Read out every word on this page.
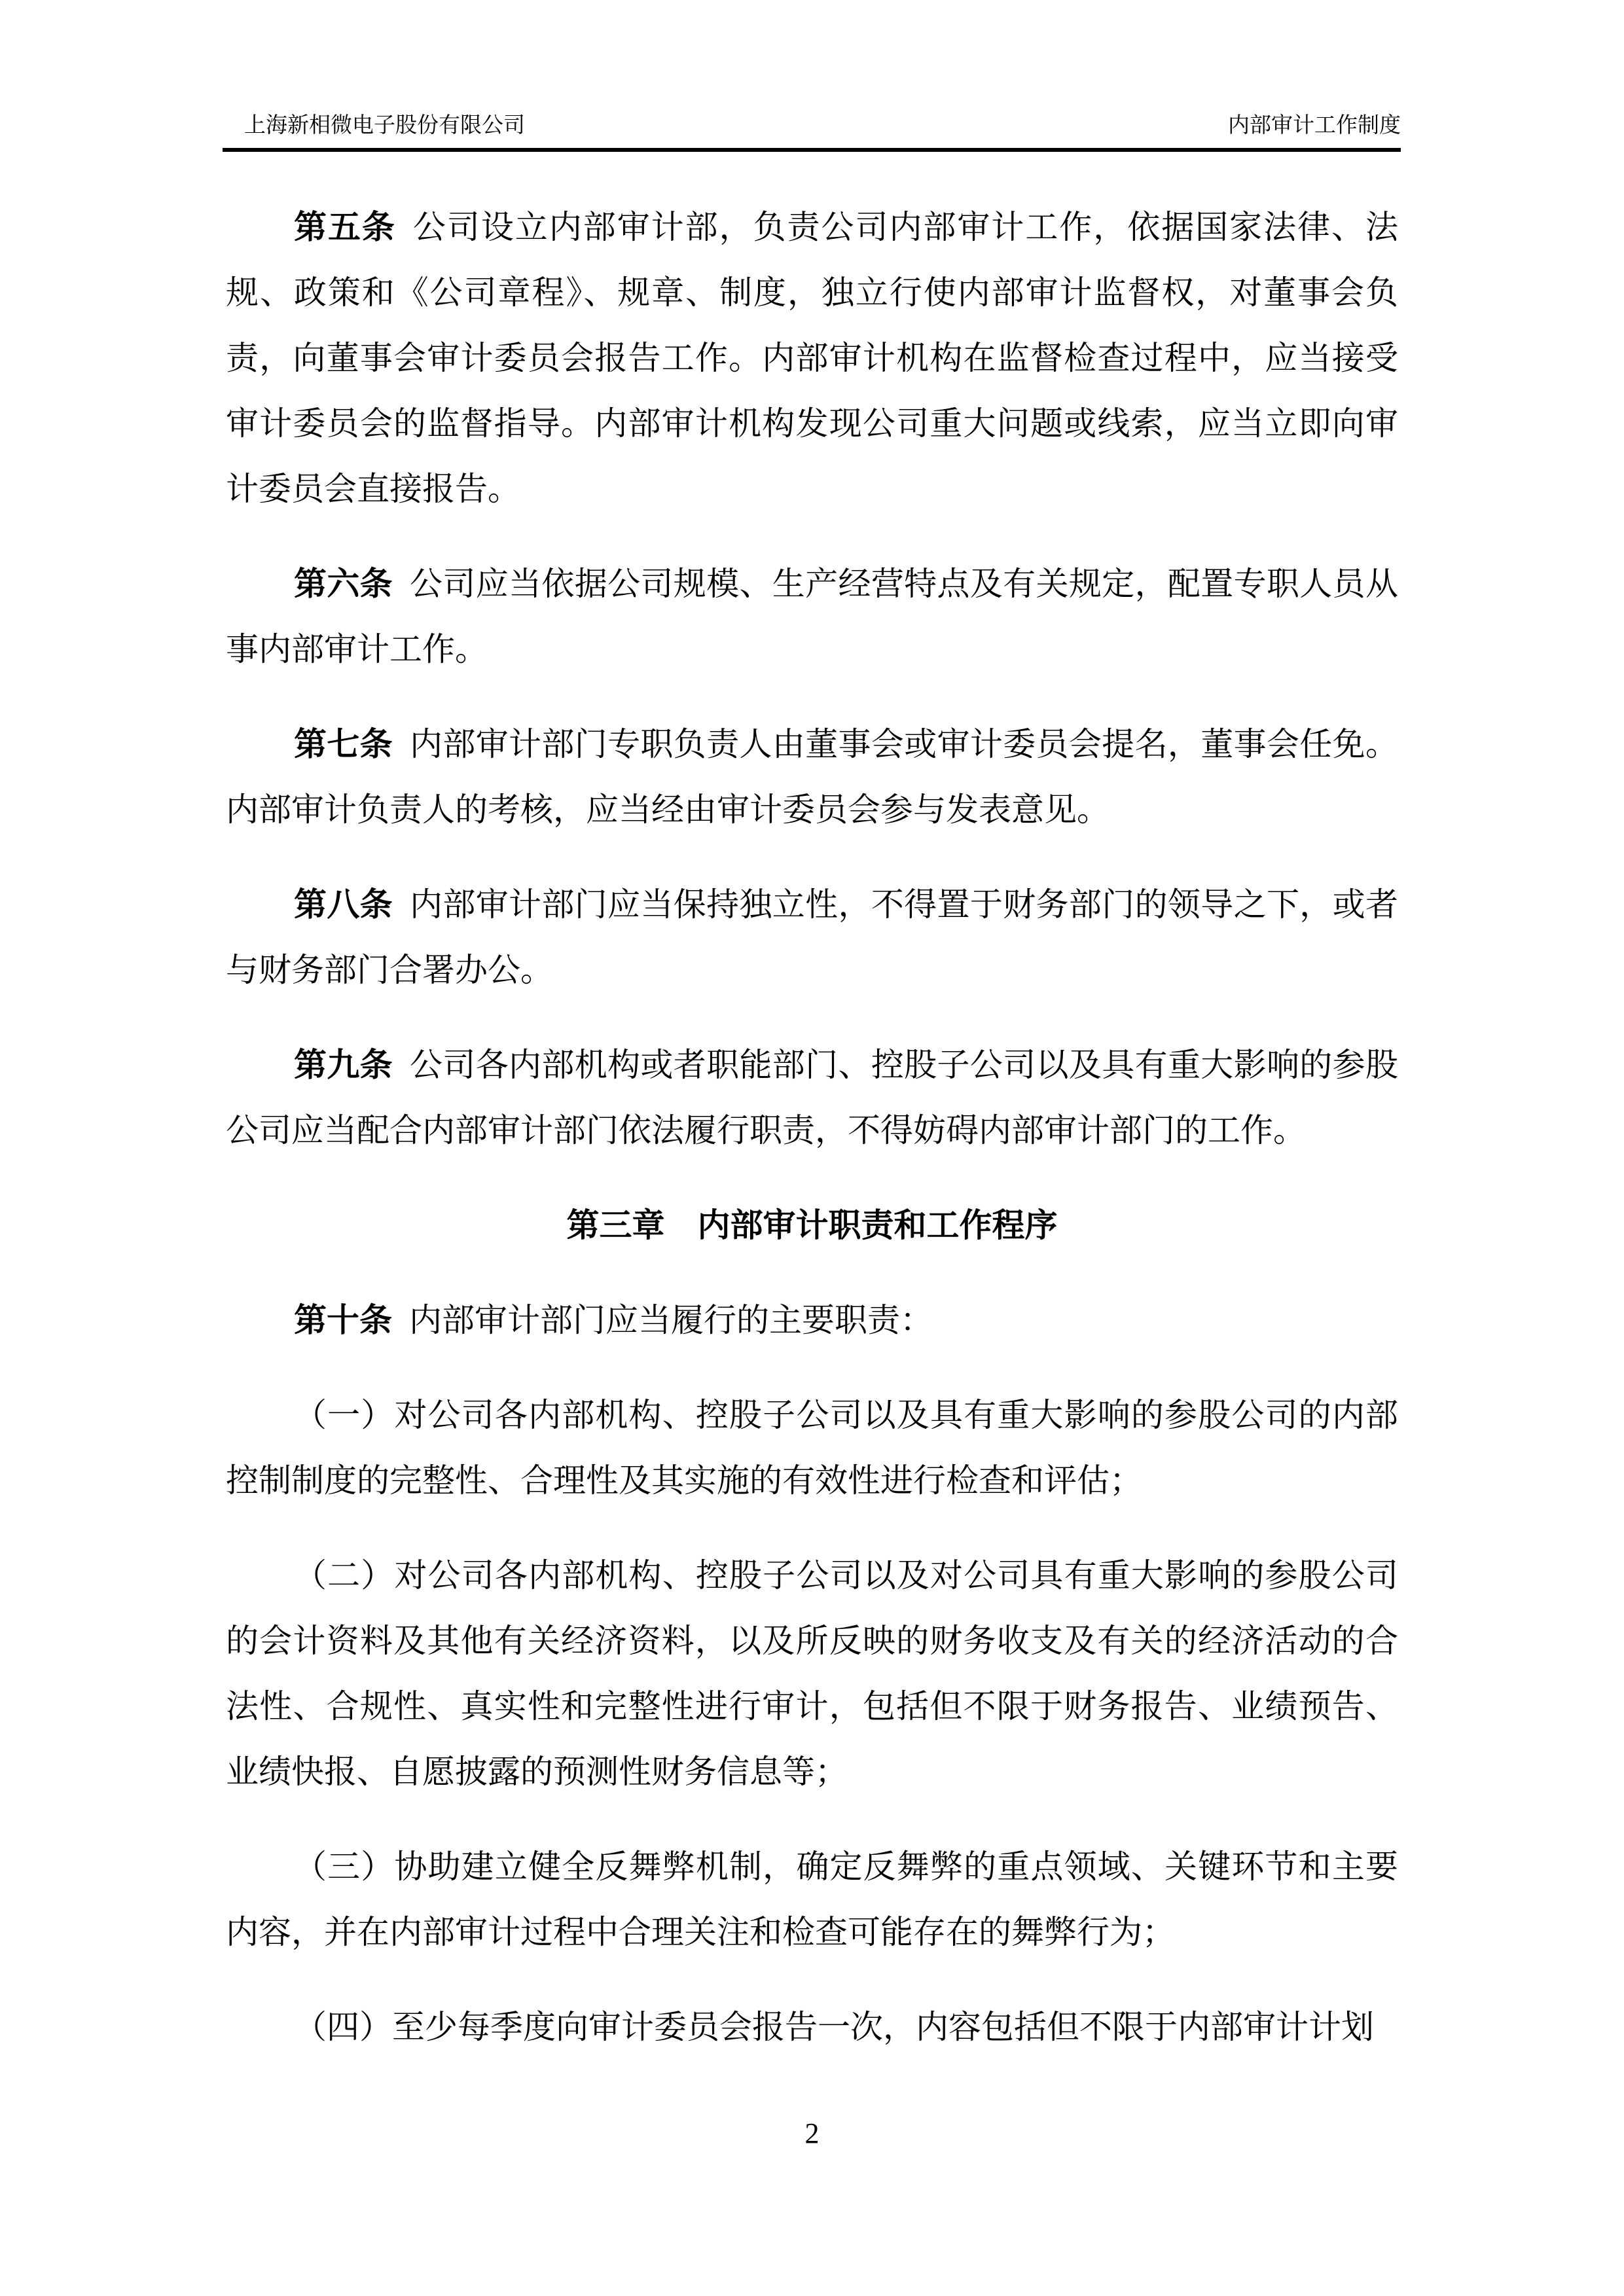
上海新相微电子股份有限公司	内部审计工作制度

第五条 公司设立内部审计部，负责公司内部审计工作，依据国家法律、法规、政策和《公司章程》、规章、制度，独立行使内部审计监督权，对董事会负责，向董事会审计委员会报告工作。内部审计机构在监督检查过程中，应当接受审计委员会的监督指导。内部审计机构发现公司重大问题或线索，应当立即向审计委员会直接报告。

第六条 公司应当依据公司规模、生产经营特点及有关规定，配置专职人员从事内部审计工作。

第七条 内部审计部门专职负责人由董事会或审计委员会提名，董事会任免。内部审计负责人的考核，应当经由审计委员会参与发表意见。

第八条 内部审计部门应当保持独立性，不得置于财务部门的领导之下，或者与财务部门合署办公。

第九条 公司各内部机构或者职能部门、控股子公司以及具有重大影响的参股公司应当配合内部审计部门依法履行职责，不得妨碍内部审计部门的工作。

第三章　内部审计职责和工作程序

第十条 内部审计部门应当履行的主要职责：

（一）对公司各内部机构、控股子公司以及具有重大影响的参股公司的内部控制制度的完整性、合理性及其实施的有效性进行检查和评估；

（二）对公司各内部机构、控股子公司以及对公司具有重大影响的参股公司的会计资料及其他有关经济资料，以及所反映的财务收支及有关的经济活动的合法性、合规性、真实性和完整性进行审计，包括但不限于财务报告、业绩预告、业绩快报、自愿披露的预测性财务信息等；

（三）协助建立健全反舞弊机制，确定反舞弊的重点领域、关键环节和主要内容，并在内部审计过程中合理关注和检查可能存在的舞弊行为；

（四）至少每季度向审计委员会报告一次，内容包括但不限于内部审计计划

2
